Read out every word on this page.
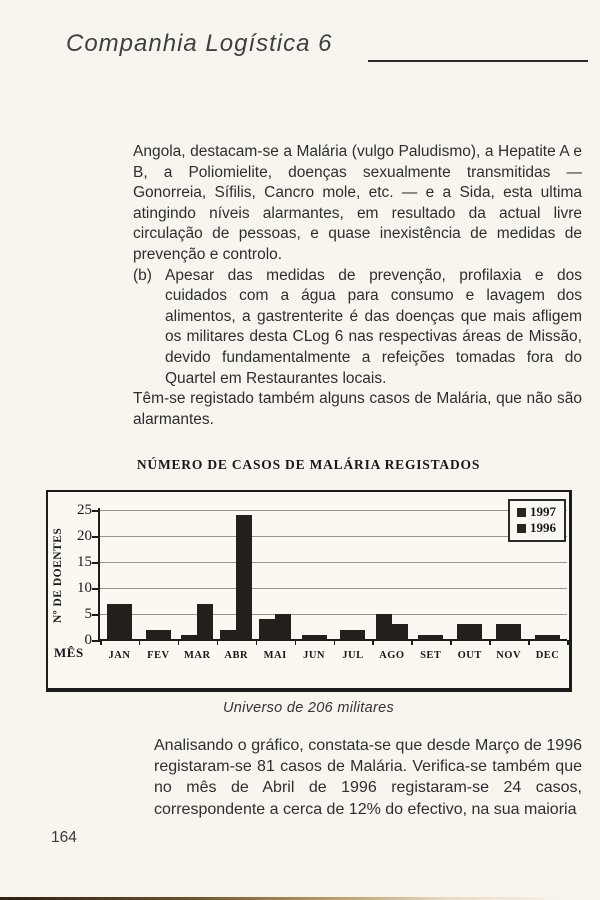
Companhia Logística 6

Angola, destacam-se a Malária (vulgo Paludismo), a Hepatite A e B, a Poliomielite, doenças sexualmente transmitidas — Gonorreia, Sífilis, Cancro mole, etc. — e a Sida, esta ultima atingindo níveis alarmantes, em resultado da actual livre circulação de pessoas, e quase inexistência de medidas de prevenção e controlo.

(b) Apesar das medidas de prevenção, profilaxia e dos cuidados com a água para consumo e lavagem dos alimentos, a gastrenterite é das doenças que mais afligem os militares desta CLog 6 nas respectivas áreas de Missão, devido fundamentalmente a refeições tomadas fora do Quartel em Restaurantes locais.

Têm-se registado também alguns casos de Malária, que não são alarmantes.

NÚMERO DE CASOS DE MALÁRIA REGISTADOS
Nº DE DOENTES
MÊS
1997
1996
0
5
10
15
20
25
JAN	FEV	MAR	ABR	MAI	JUN	JUL	AGO	SET	OUT	NOV	DEC
Universo de 206 militares
Analisando o gráfico, constata-se que desde Março de 1996 registaram-se 81 casos de Malária. Verifica-se também que no mês de Abril de 1996 registaram-se 24 casos, correspondente a cerca de 12% do efectivo, na sua maioria
164
